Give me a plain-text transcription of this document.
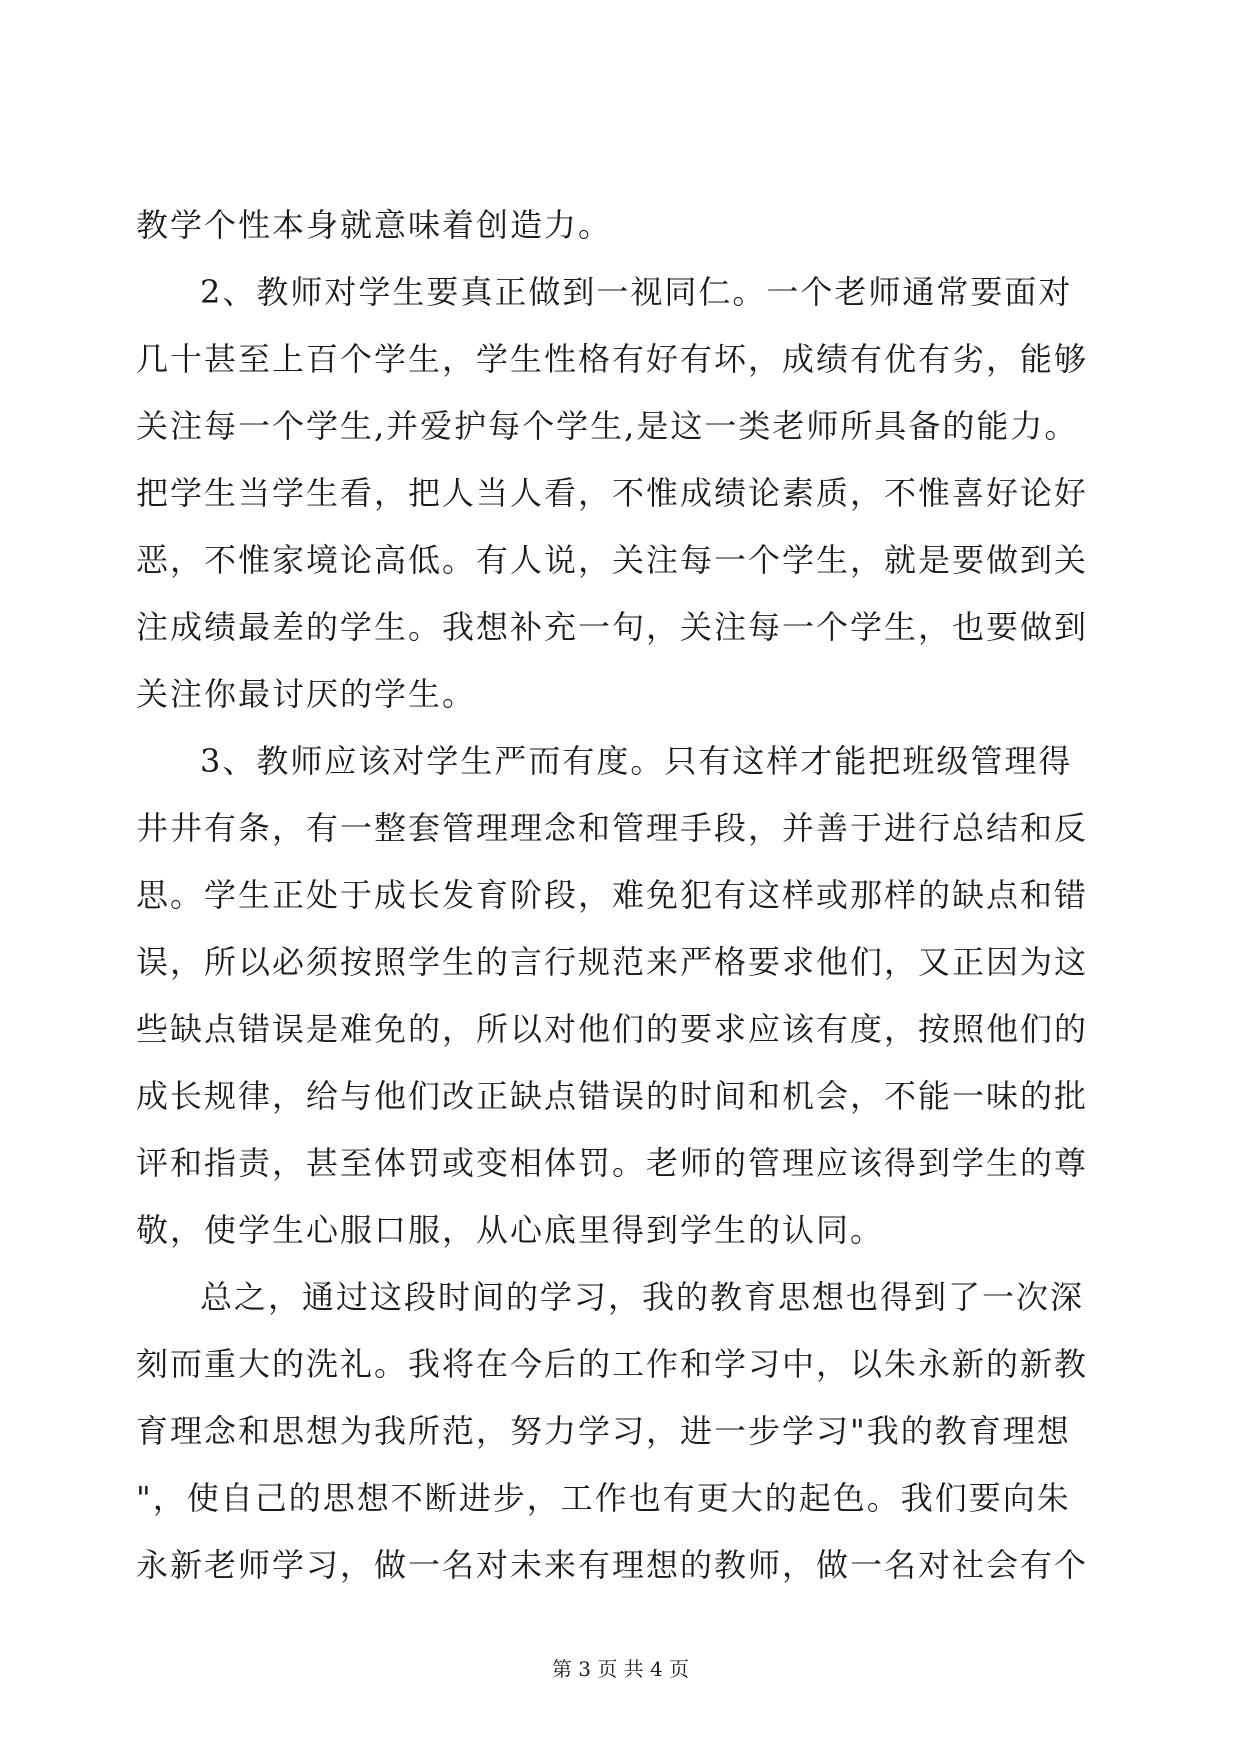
教学个性本身就意味着创造力。
2、教师对学生要真正做到一视同仁。一个老师通常要面对
几十甚至上百个学生，学生性格有好有坏，成绩有优有劣，能够
关注每一个学生,并爱护每个学生,是这一类老师所具备的能力。
把学生当学生看，把人当人看，不惟成绩论素质，不惟喜好论好
恶，不惟家境论高低。有人说，关注每一个学生，就是要做到关
注成绩最差的学生。我想补充一句，关注每一个学生，也要做到
关注你最讨厌的学生。
3、教师应该对学生严而有度。只有这样才能把班级管理得
井井有条，有一整套管理理念和管理手段，并善于进行总结和反
思。学生正处于成长发育阶段，难免犯有这样或那样的缺点和错
误，所以必须按照学生的言行规范来严格要求他们，又正因为这
些缺点错误是难免的，所以对他们的要求应该有度，按照他们的
成长规律，给与他们改正缺点错误的时间和机会，不能一味的批
评和指责，甚至体罚或变相体罚。老师的管理应该得到学生的尊
敬，使学生心服口服，从心底里得到学生的认同。
总之，通过这段时间的学习，我的教育思想也得到了一次深
刻而重大的洗礼。我将在今后的工作和学习中，以朱永新的新教
育理念和思想为我所范，努力学习，进一步学习"我的教育理想
"，使自己的思想不断进步，工作也有更大的起色。我们要向朱
永新老师学习，做一名对未来有理想的教师，做一名对社会有个
第 3 页 共 4 页
